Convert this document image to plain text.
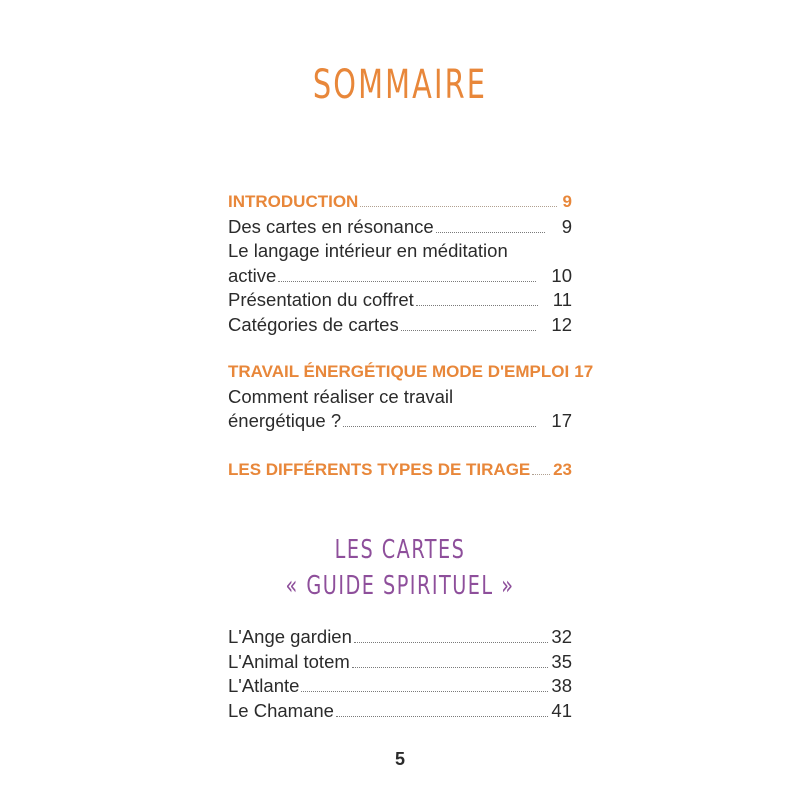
SOMMAIRE
INTRODUCTION	9
Des cartes en résonance	9
Le langage intérieur en méditation
active	10
Présentation du coffret	11
Catégories de cartes	12
TRAVAIL ÉNERGÉTIQUE MODE D'EMPLOI 17
Comment réaliser ce travail
énergétique ?	17
LES DIFFÉRENTS TYPES DE TIRAGE 23
LES CARTES
« GUIDE SPIRITUEL »
L'Ange gardien	32
L'Animal totem	35
L'Atlante	38
Le Chamane	41
5
